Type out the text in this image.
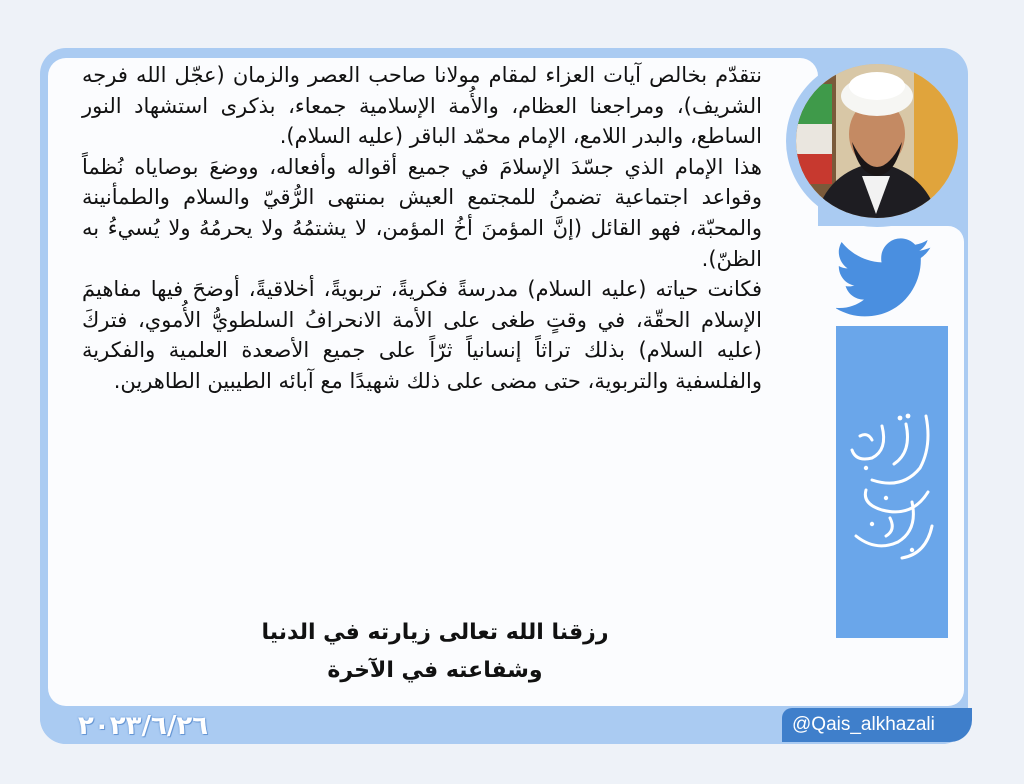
نتقدّم بخالص آيات العزاء لمقام مولانا صاحب العصر والزمان (عجّل الله فرجه الشريف)، ومراجعنا العظام، والأُمة الإسلامية جمعاء، بذكرى استشهاد النور الساطع، والبدر اللامع، الإمام محمّد الباقر (عليه السلام).

هذا الإمام الذي جسّدَ الإسلامَ في جميع أقواله وأفعاله، ووضعَ بوصاياه نُظماً وقواعد اجتماعية تضمنُ للمجتمع العيش بمنتهى الرُّقيّ والسلام والطمأنينة والمحبّة، فهو القائل (إنَّ المؤمنَ أخُ المؤمن، لا يشتمُهُ ولا يحرمُهُ ولا يُسيءُ به الظنّ).

فكانت حياته (عليه السلام) مدرسةً فكريةً، تربويةً، أخلاقيةً، أوضحَ فيها مفاهيمَ الإسلام الحقّة، في وقتٍ طغى على الأمة الانحرافُ السلطويُّ الأُموي، فتركَ (عليه السلام) بذلك تراثاً إنسانياً ثرّاً على جميع الأصعدة العلمية والفكرية والفلسفية والتربوية، حتى مضى على ذلك شهيدًا مع آبائه الطيبين الطاهرين.

رزقنا الله تعالى زيارته في الدنيا
وشفاعته في الآخرة
٢٠٢٣/٦/٢٦	@Qais_alkhazali
